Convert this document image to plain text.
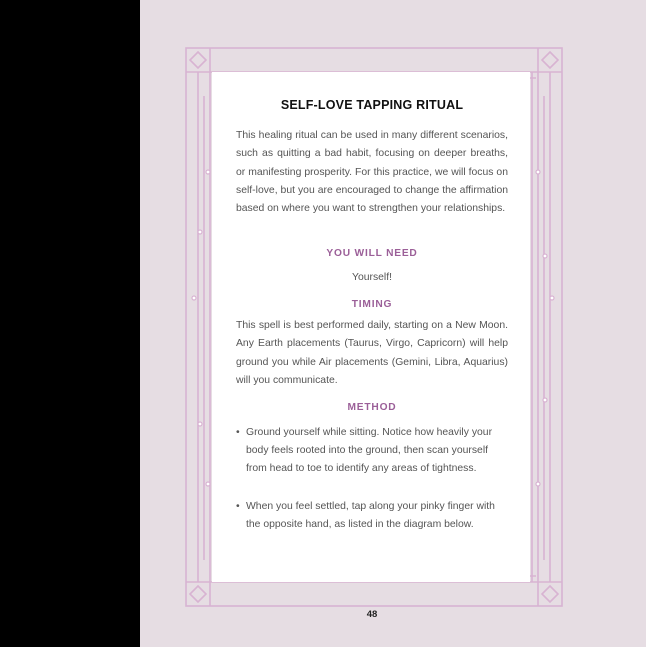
SELF-LOVE TAPPING RITUAL
This healing ritual can be used in many different scenarios, such as quitting a bad habit, focusing on deeper breaths, or manifesting prosperity. For this practice, we will focus on self-love, but you are encouraged to change the affirmation based on where you want to strengthen your relationships.
YOU WILL NEED
Yourself!
TIMING
This spell is best performed daily, starting on a New Moon. Any Earth placements (Taurus, Virgo, Capricorn) will help ground you while Air placements (Gemini, Libra, Aquarius) will you communicate.
METHOD
• Ground yourself while sitting. Notice how heavily your body feels rooted into the ground, then scan yourself from head to toe to identify any areas of tightness.
• When you feel settled, tap along your pinky finger with the opposite hand, as listed in the diagram below.
48
